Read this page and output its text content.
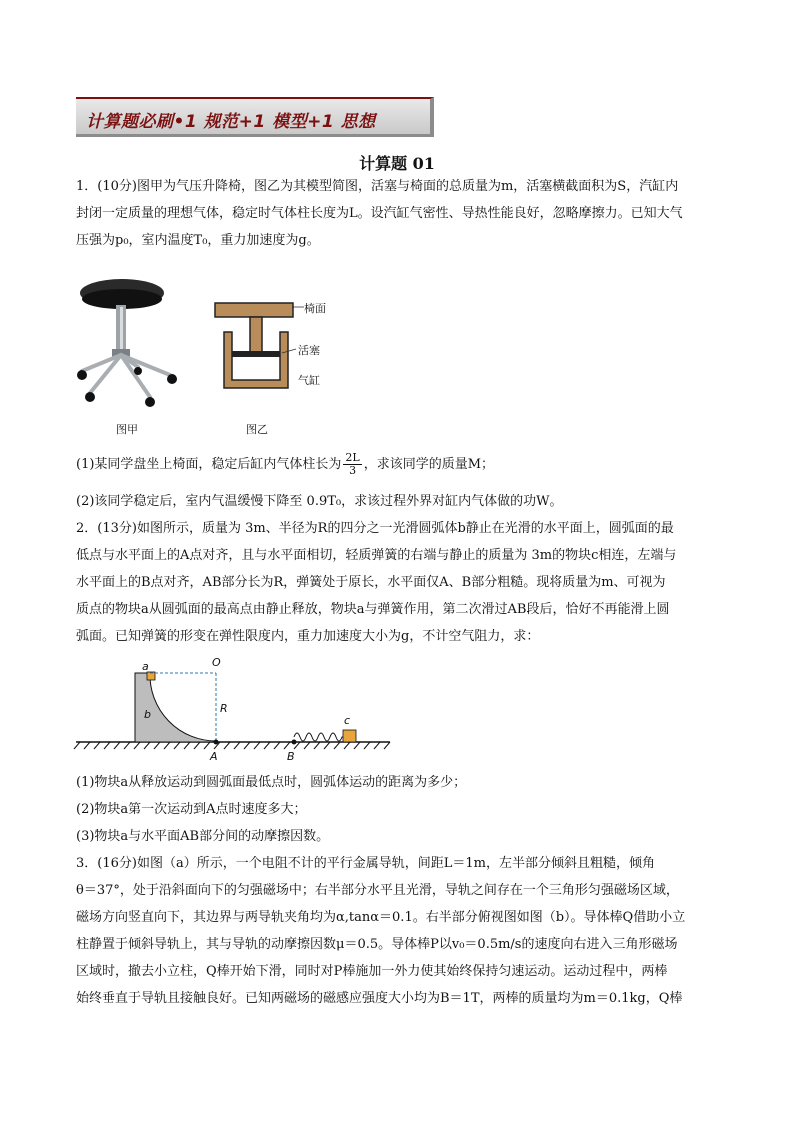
计算题必刷•1 规范+1 模型+1 思想
计算题 01

1．(10分)图甲为气压升降椅，图乙为其模型简图，活塞与椅面的总质量为m，活塞横截面积为S，汽缸内

封闭一定质量的理想气体，稳定时气体柱长度为L。设汽缸气密性、导热性能良好，忽略摩擦力。已知大气

压强为p₀，室内温度T₀，重力加速度为g。

图甲
椅面
活塞
气缸
图乙

(1)某同学盘坐上椅面，稳定后缸内气体柱长为 $\frac{2L}{3}$ ，求该同学的质量M；

(2)该同学稳定后，室内气温缓慢下降至 0.9T₀，求该过程外界对缸内气体做的功W。

2．(13分)如图所示，质量为 3m、半径为R的四分之一光滑圆弧体b静止在光滑的水平面上，圆弧面的最

低点与水平面上的A点对齐，且与水平面相切，轻质弹簧的右端与静止的质量为 3m的物块c相连，左端与

水平面上的B点对齐，AB部分长为R，弹簧处于原长，水平面仅A、B部分粗糙。现将质量为m、可视为

质点的物块a从圆弧面的最高点由静止释放，物块a与弹簧作用，第二次滑过AB段后，恰好不再能滑上圆

弧面。已知弹簧的形变在弹性限度内，重力加速度大小为g，不计空气阻力，求：

a	O
b	R
c
A	B

(1)物块a从释放运动到圆弧面最低点时，圆弧体运动的距离为多少；

(2)物块a第一次运动到A点时速度多大；

(3)物块a与水平面AB部分间的动摩擦因数。

3．(16分)如图（a）所示，一个电阻不计的平行金属导轨，间距L＝1m，左半部分倾斜且粗糙，倾角

θ＝37°，处于沿斜面向下的匀强磁场中；右半部分水平且光滑，导轨之间存在一个三角形匀强磁场区域，

磁场方向竖直向下，其边界与两导轨夹角均为α,tanα＝0.1。右半部分俯视图如图（b）。导体棒Q借助小立

柱静置于倾斜导轨上，其与导轨的动摩擦因数μ＝0.5。导体棒P以v₀＝0.5m/s的速度向右进入三角形磁场

区域时，撤去小立柱，Q棒开始下滑，同时对P棒施加一外力使其始终保持匀速运动。运动过程中，两棒

始终垂直于导轨且接触良好。已知两磁场的磁感应强度大小均为B＝1T，两棒的质量均为m＝0.1kg，Q棒
